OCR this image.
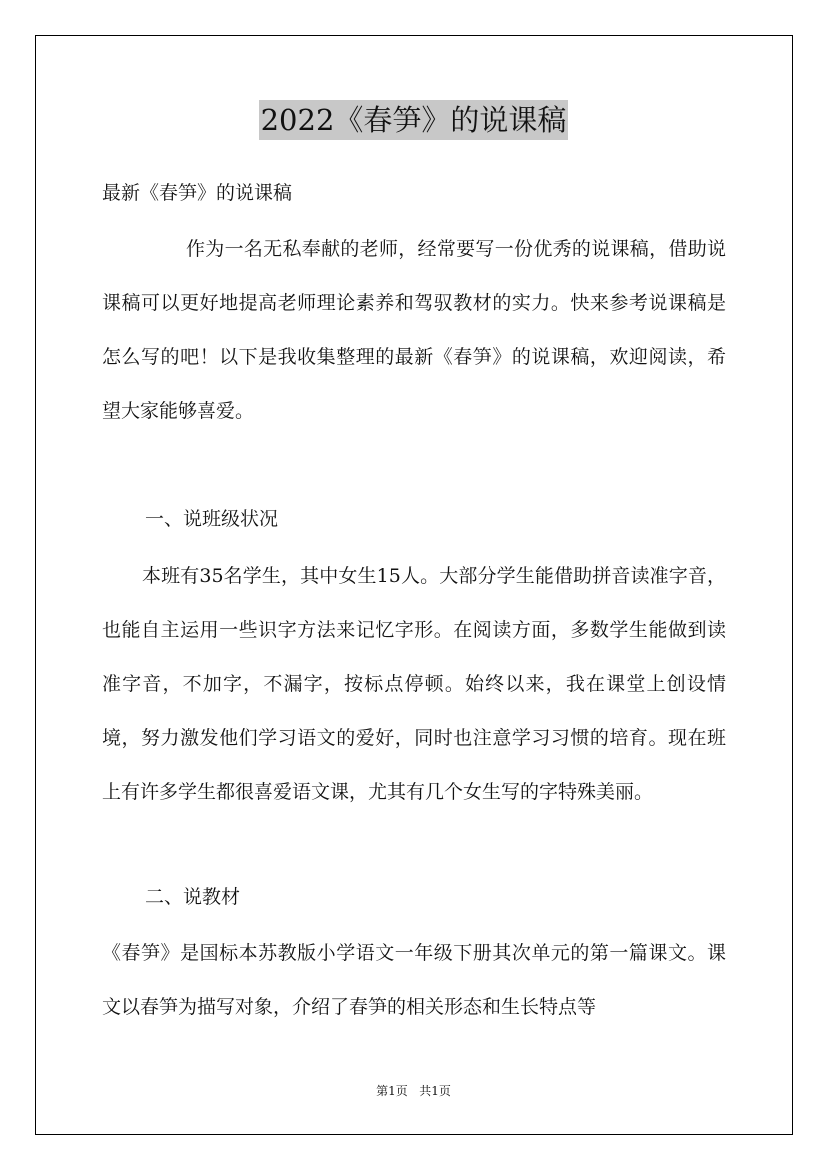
2022《春笋》的说课稿
最新《春笋》的说课稿

作为一名无私奉献的老师，经常要写一份优秀的说课稿，借助说课稿可以更好地提高老师理论素养和驾驭教材的实力。快来参考说课稿是怎么写的吧！以下是我收集整理的最新《春笋》的说课稿，欢迎阅读，希望大家能够喜爱。

一、说班级状况

本班有35名学生，其中女生15人。大部分学生能借助拼音读准字音，也能自主运用一些识字方法来记忆字形。在阅读方面，多数学生能做到读准字音，不加字，不漏字，按标点停顿。始终以来，我在课堂上创设情境，努力激发他们学习语文的爱好，同时也注意学习习惯的培育。现在班上有许多学生都很喜爱语文课，尤其有几个女生写的字特殊美丽。

二、说教材

《春笋》是国标本苏教版小学语文一年级下册其次单元的第一篇课文。课文以春笋为描写对象，介绍了春笋的相关形态和生长特点等

第1页 共1页
